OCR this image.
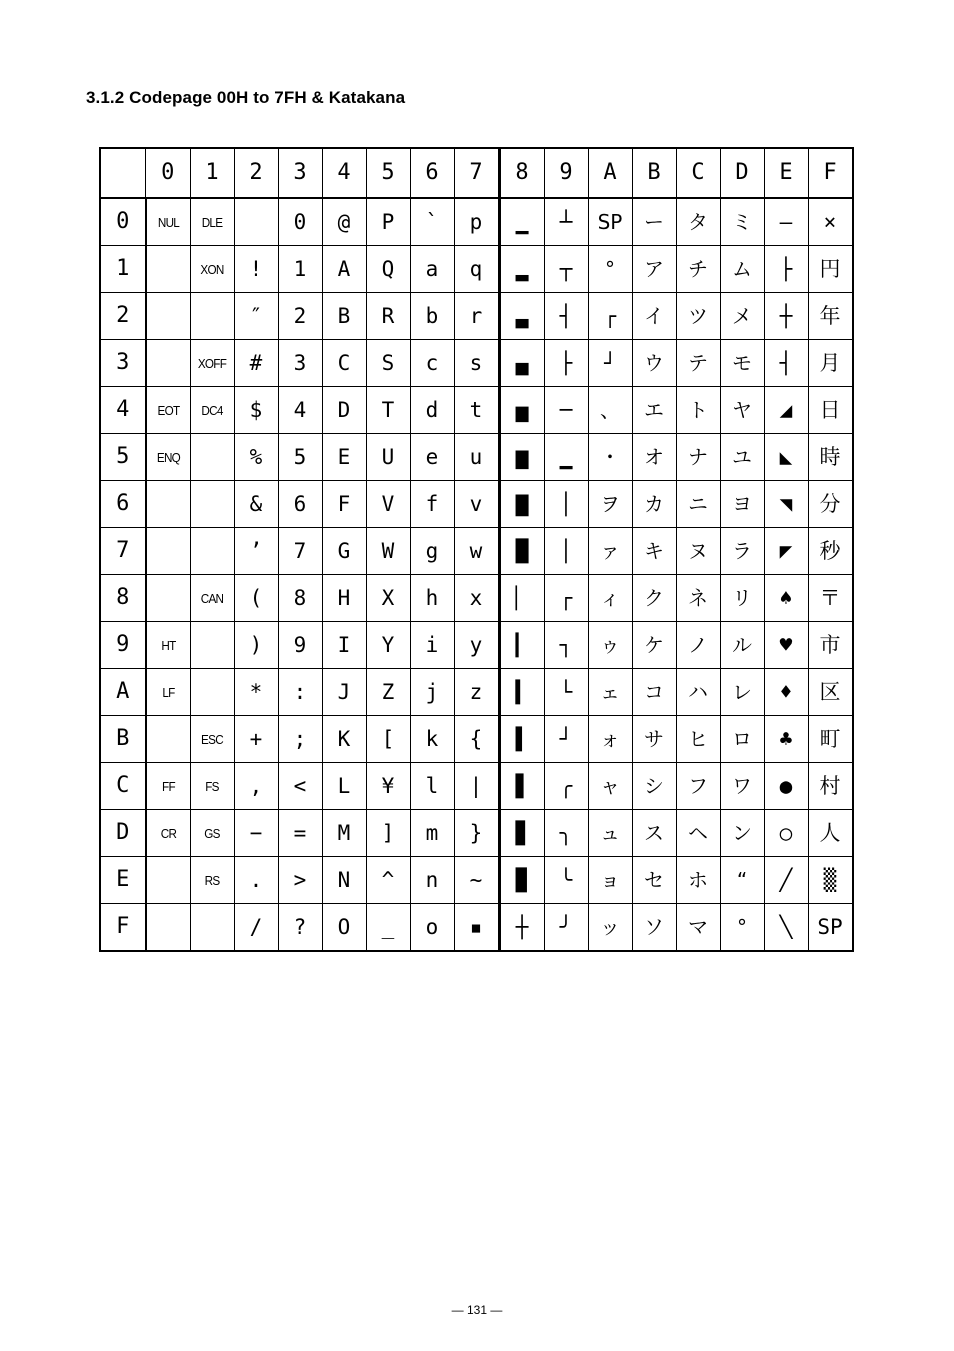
3.1.2 Codepage 00H to 7FH & Katakana
	0	1	2	3	4	5	6	7	8	9	A	B	C	D	E	F
0	NUL	DLE		0	@	P	`	p	▁	┴	SP	ー	タ	ミ	–	×
1		XON	!	1	A	Q	a	q	▂	┬	°	ア	チ	ム	├	円
2			″	2	B	R	b	r	▃	┤	┌	イ	ツ	メ	┼	年
3		XOFF	#	3	C	S	c	s	▄	├	┘	ウ	テ	モ	┤	月
4	EOT	DC4	$	4	D	T	d	t	▅	─	、	エ	ト	ヤ	◢	日
5	ENQ		%	5	E	U	e	u	▆	▁	・	オ	ナ	ユ	◣	時
6			&	6	F	V	f	v	▇	│	ヲ	カ	ニ	ヨ	◥	分
7			’	7	G	W	g	w	█	│	ァ	キ	ヌ	ラ	◤	秒
8		CAN	(	8	H	X	h	x	▏	┌	ィ	ク	ネ	リ	♠	〒
9	HT		)	9	I	Y	i	y	▎	┐	ゥ	ケ	ノ	ル	♥	市
A	LF		*	:	J	Z	j	z	▍	└	ェ	コ	ハ	レ	♦	区
B		ESC	+	;	K	[	k	{	▌	┘	ォ	サ	ヒ	ロ	♣	町
C	FF	FS	,	<	L	¥	l	|	▋	╭	ャ	シ	フ	ワ	●	村
D	CR	GS	−	=	M	]	m	}	▊	╮	ュ	ス	ヘ	ン	○	人
E		RS	.	>	N	^	n	~	▉	╰	ョ	セ	ホ	“	╱	▒
F			/	?	O	_	o	▪	┼	╯	ッ	ソ	マ	°	╲	SP
— 131 —
